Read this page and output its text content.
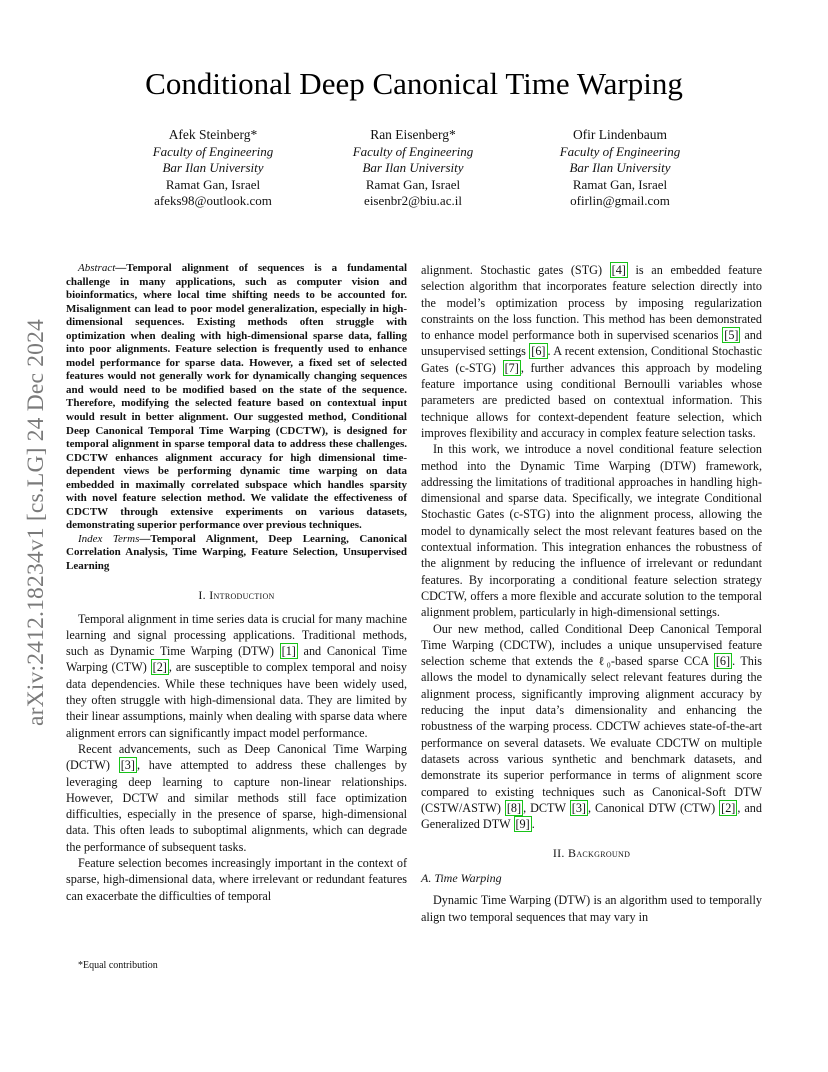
arXiv:2412.18234v1 [cs.LG] 24 Dec 2024
Conditional Deep Canonical Time Warping
Afek Steinberg*
Faculty of Engineering
Bar Ilan University
Ramat Gan, Israel
afeks98@outlook.com
Ran Eisenberg*
Faculty of Engineering
Bar Ilan University
Ramat Gan, Israel
eisenbr2@biu.ac.il
Ofir Lindenbaum
Faculty of Engineering
Bar Ilan University
Ramat Gan, Israel
ofirlin@gmail.com

Abstract—Temporal alignment of sequences is a fundamental challenge in many applications, such as computer vision and bioinformatics, where local time shifting needs to be accounted for. Misalignment can lead to poor model generalization, especially in high-dimensional sequences. Existing methods often struggle with optimization when dealing with high-dimensional sparse data, falling into poor alignments. Feature selection is frequently used to enhance model performance for sparse data. However, a fixed set of selected features would not generally work for dynamically changing sequences and would need to be modified based on the state of the sequence. Therefore, modifying the selected feature based on contextual input would result in better alignment. Our suggested method, Conditional Deep Canonical Temporal Time Warping (CDCTW), is designed for temporal alignment in sparse temporal data to address these challenges. CDCTW enhances alignment accuracy for high dimensional time-dependent views be performing dynamic time warping on data embedded in maximally correlated subspace which handles sparsity with novel feature selection method. We validate the effectiveness of CDCTW through extensive experiments on various datasets, demonstrating superior performance over previous techniques.

Index Terms—Temporal Alignment, Deep Learning, Canonical Correlation Analysis, Time Warping, Feature Selection, Unsupervised Learning

I. Introduction

Temporal alignment in time series data is crucial for many machine learning and signal processing applications. Traditional methods, such as Dynamic Time Warping (DTW) [1] and Canonical Time Warping (CTW) [2] , are susceptible to complex temporal and noisy data dependencies. While these techniques have been widely used, they often struggle with high-dimensional data. They are limited by their linear assumptions, mainly when dealing with sparse data where alignment errors can significantly impact model performance.

Recent advancements, such as Deep Canonical Time Warping (DCTW) [3] , have attempted to address these challenges by leveraging deep learning to capture non-linear relationships. However, DCTW and similar methods still face optimization difficulties, especially in the presence of sparse, high-dimensional data. This often leads to suboptimal alignments, which can degrade the performance of subsequent tasks.

Feature selection becomes increasingly important in the context of sparse, high-dimensional data, where irrelevant or redundant features can exacerbate the difficulties of temporal

alignment. Stochastic gates (STG) [4] is an embedded feature selection algorithm that incorporates feature selection directly into the model’s optimization process by imposing regularization constraints on the loss function. This method has been demonstrated to enhance model performance both in supervised scenarios [5] and unsupervised settings [6] . A recent extension, Conditional Stochastic Gates (c-STG) [7] , further advances this approach by modeling feature importance using conditional Bernoulli variables whose parameters are predicted based on contextual information. This technique allows for context-dependent feature selection, which improves flexibility and accuracy in complex feature selection tasks.

In this work, we introduce a novel conditional feature selection method into the Dynamic Time Warping (DTW) framework, addressing the limitations of traditional approaches in handling high-dimensional and sparse data. Specifically, we integrate Conditional Stochastic Gates (c-STG) into the alignment process, allowing the model to dynamically select the most relevant features based on the contextual information. This integration enhances the robustness of the alignment by reducing the influence of irrelevant or redundant features. By incorporating a conditional feature selection strategy CDCTW, offers a more flexible and accurate solution to the temporal alignment problem, particularly in high-dimensional settings.

Our new method, called Conditional Deep Canonical Temporal Time Warping (CDCTW), includes a unique unsupervised feature selection scheme that extends the ℓ₀-based sparse CCA [6] . This allows the model to dynamically select relevant features during the alignment process, significantly improving alignment accuracy by reducing the input data’s dimensionality and enhancing the robustness of the warping process. CDCTW achieves state-of-the-art performance on several datasets. We evaluate CDCTW on multiple datasets across various synthetic and benchmark datasets, and demonstrate its superior performance in terms of alignment score compared to existing techniques such as Canonical-Soft DTW (CSTW/ASTW) [8] , DCTW [3] , Canonical DTW (CTW) [2] , and Generalized DTW [9] .

II. Background
A. Time Warping

Dynamic Time Warping (DTW) is an algorithm used to temporally align two temporal sequences that may vary in

*Equal contribution
